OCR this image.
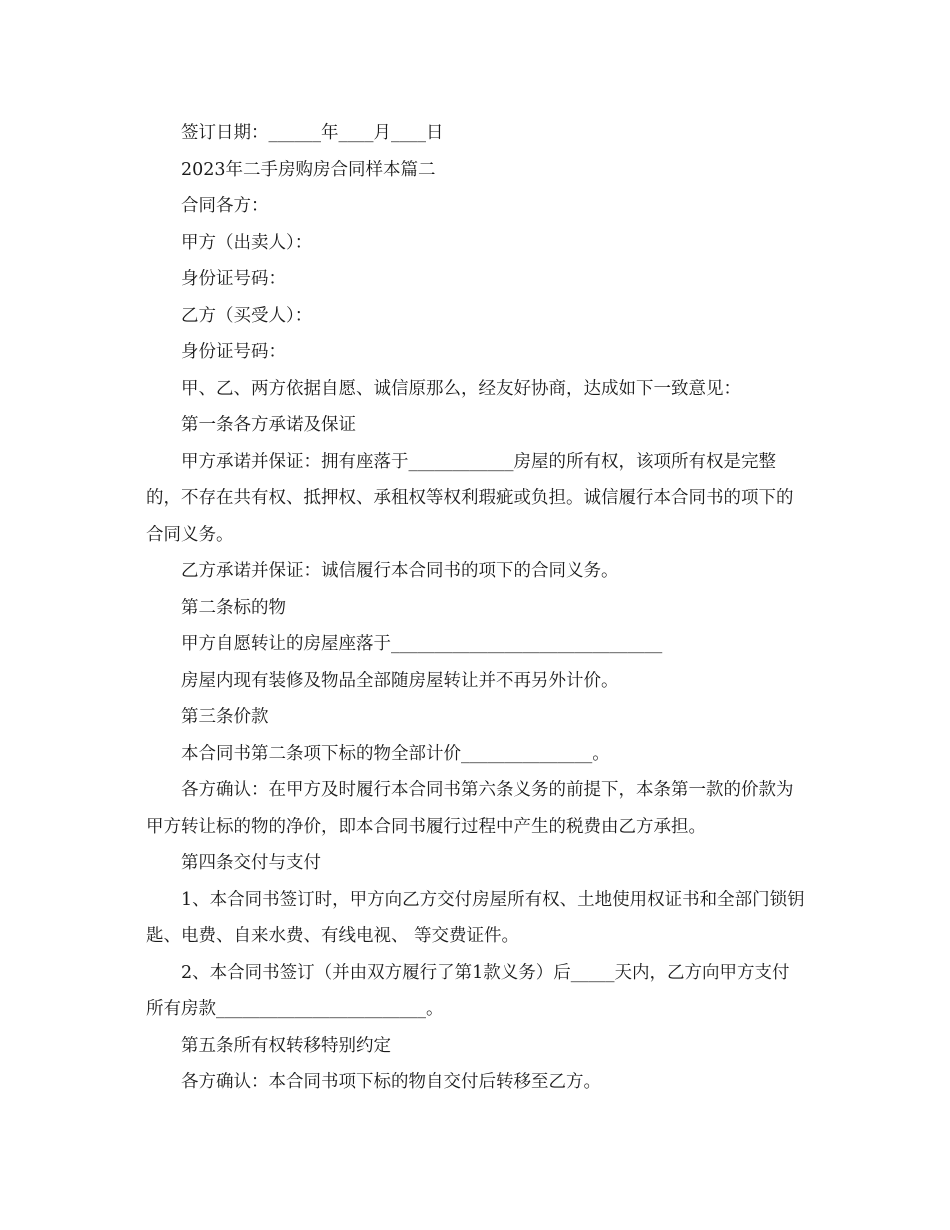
签订日期：______年____月____日

2023年二手房购房合同样本篇二

合同各方：

甲方（出卖人）：

身份证号码：

乙方（买受人）：

身份证号码：

甲、乙、两方依据自愿、诚信原那么，经友好协商，达成如下一致意见：

第一条各方承诺及保证

甲方承诺并保证：拥有座落于____________房屋的所有权，该项所有权是完整的，不存在共有权、抵押权、承租权等权利瑕疵或负担。诚信履行本合同书的项下的合同义务。

乙方承诺并保证：诚信履行本合同书的项下的合同义务。

第二条标的物

甲方自愿转让的房屋座落于_______________________________

房屋内现有装修及物品全部随房屋转让并不再另外计价。

第三条价款

本合同书第二条项下标的物全部计价_______________。

各方确认：在甲方及时履行本合同书第六条义务的前提下，本条第一款的价款为甲方转让标的物的净价，即本合同书履行过程中产生的税费由乙方承担。

第四条交付与支付

1、本合同书签订时，甲方向乙方交付房屋所有权、土地使用权证书和全部门锁钥匙、电费、自来水费、有线电视、 等交费证件。

2、本合同书签订（并由双方履行了第1款义务）后_____天内，乙方向甲方支付所有房款________________________。

第五条所有权转移特别约定

各方确认：本合同书项下标的物自交付后转移至乙方。
